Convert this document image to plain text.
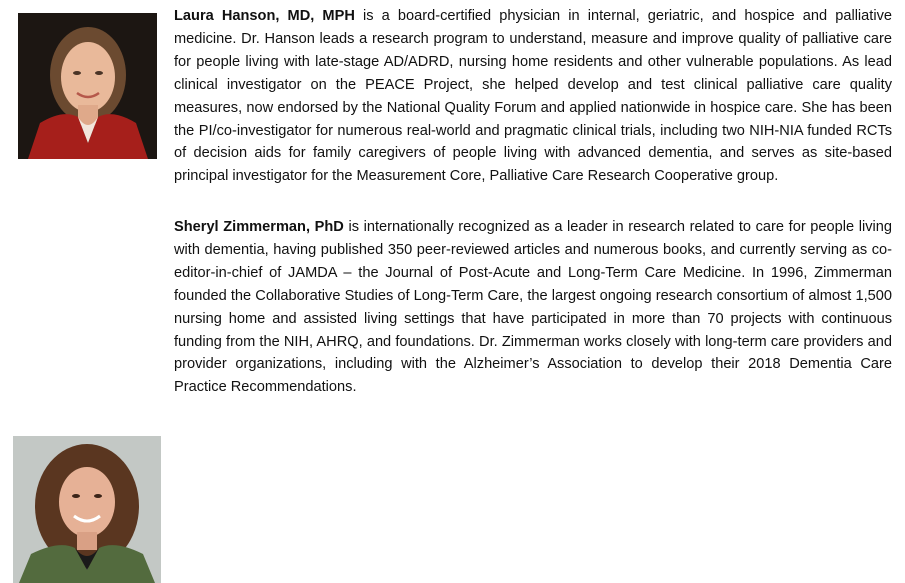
Laura Hanson, MD, MPH is a board-certified physician in internal, geriatric, and hospice and palliative medicine. Dr. Hanson leads a research program to understand, measure and improve quality of palliative care for people living with late-stage AD/ADRD, nursing home residents and other vulnerable populations. As lead clinical investigator on the PEACE Project, she helped develop and test clinical palliative care quality measures, now endorsed by the National Quality Forum and applied nationwide in hospice care. She has been the PI/co-investigator for numerous real-world and pragmatic clinical trials, including two NIH-NIA funded RCTs of decision aids for family caregivers of people living with advanced dementia, and serves as site-based principal investigator for the Measurement Core, Palliative Care Research Cooperative group.

Sheryl Zimmerman, PhD is internationally recognized as a leader in research related to care for people living with dementia, having published 350 peer-reviewed articles and numerous books, and currently serving as co-editor-in-chief of JAMDA – the Journal of Post-Acute and Long-Term Care Medicine. In 1996, Zimmerman founded the Collaborative Studies of Long-Term Care, the largest ongoing research consortium of almost 1,500 nursing home and assisted living settings that have participated in more than 70 projects with continuous funding from the NIH, AHRQ, and foundations. Dr. Zimmerman works closely with long-term care providers and provider organizations, including with the Alzheimer’s Association to develop their 2018 Dementia Care Practice Recommendations.
